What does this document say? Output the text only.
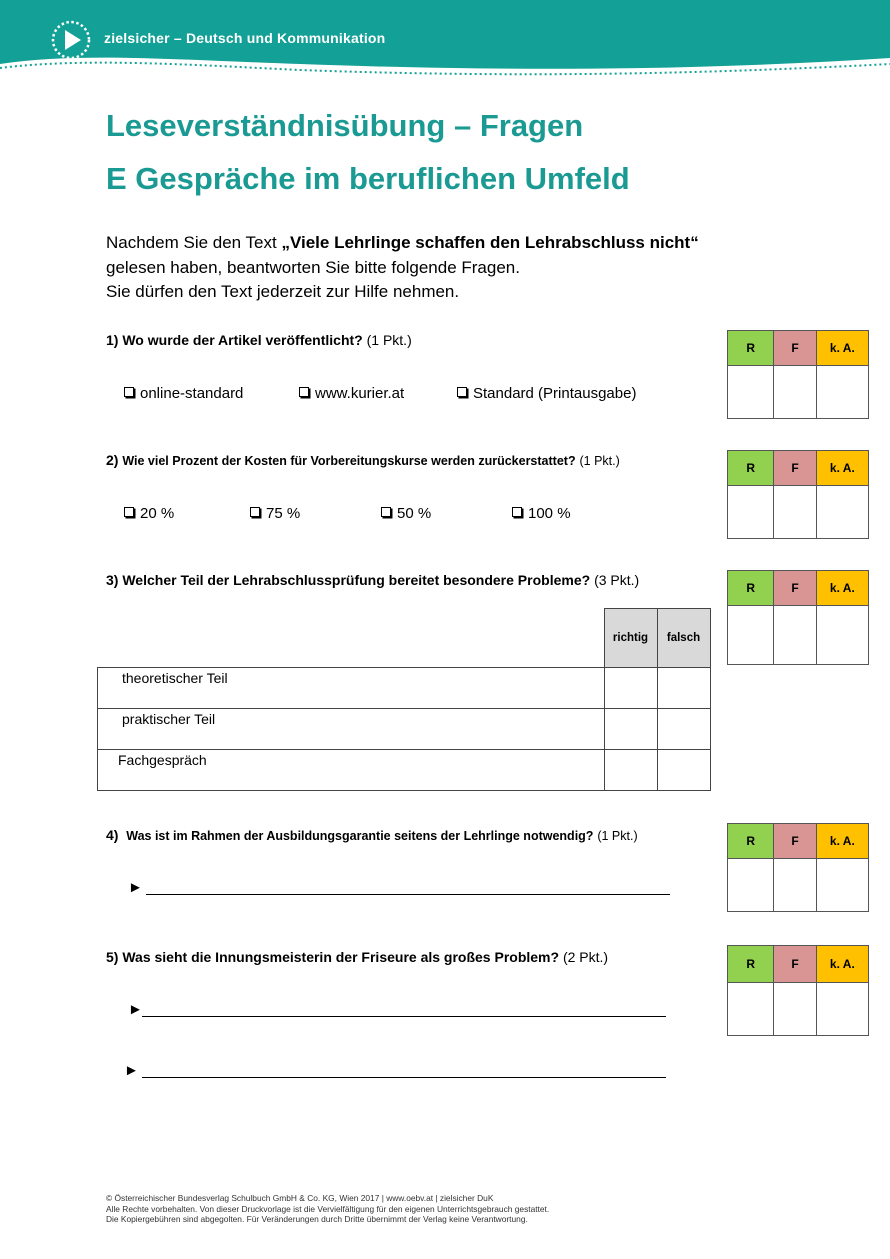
zielsicher – Deutsch und Kommunikation
Leseverständnisübung – Fragen
E Gespräche im beruflichen Umfeld
Nachdem Sie den Text „Viele Lehrlinge schaffen den Lehrabschluss nicht“
gelesen haben, beantworten Sie bitte folgende Fragen.
Sie dürfen den Text jederzeit zur Hilfe nehmen.
1) Wo wurde der Artikel veröffentlicht? (1 Pkt.)
online-standard	www.kurier.at	Standard (Printausgabe)
R	F	k. A.

2) Wie viel Prozent der Kosten für Vorbereitungskurse werden zurückerstattet? (1 Pkt.)
20 %	75 %	50 %	100 %
R	F	k. A.

3) Welcher Teil der Lehrabschlussprüfung bereitet besondere Probleme? (3 Pkt.)
	richtig	falsch
theoretischer Teil		
praktischer Teil		
Fachgespräch		
R	F	k. A.

4) Was ist im Rahmen der Ausbildungsgarantie seitens der Lehrlinge notwendig? (1 Pkt.)
►
R	F	k. A.

5) Was sieht die Innungsmeisterin der Friseure als großes Problem? (2 Pkt.)
►
►
R	F	k. A.

© Österreichischer Bundesverlag Schulbuch GmbH & Co. KG, Wien 2017 | www.oebv.at | zielsicher DuK
Alle Rechte vorbehalten. Von dieser Druckvorlage ist die Vervielfältigung für den eigenen Unterrichtsgebrauch gestattet.
Die Kopiergebühren sind abgegolten. Für Veränderungen durch Dritte übernimmt der Verlag keine Verantwortung.
